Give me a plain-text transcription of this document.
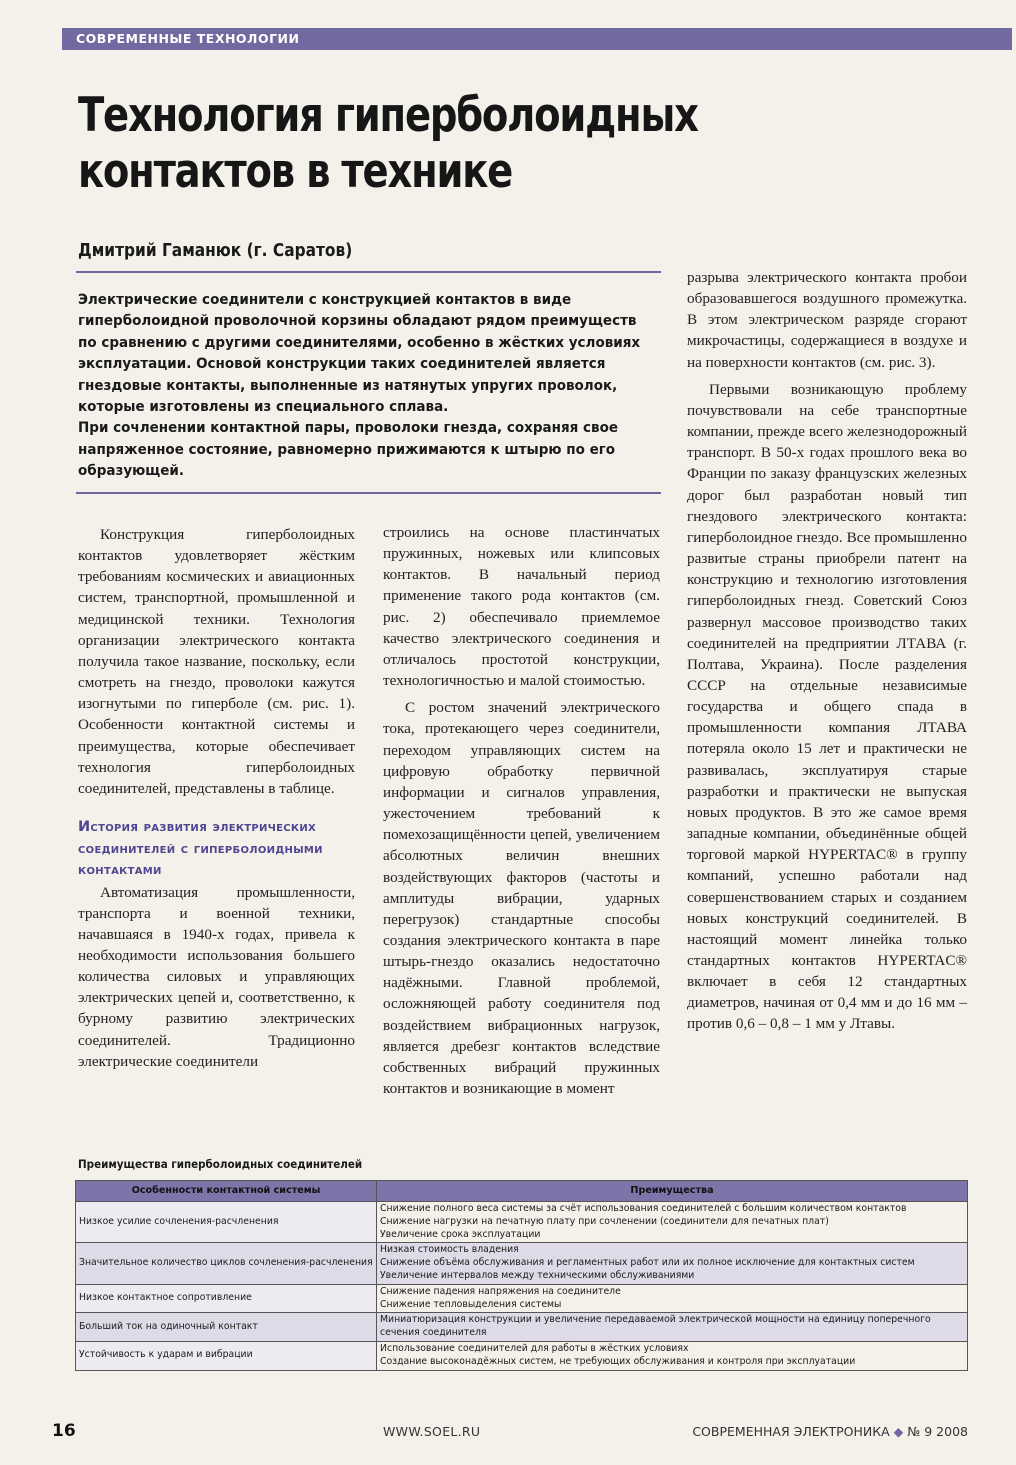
СОВРЕМЕННЫЕ ТЕХНОЛОГИИ
Технология гиперболоидных
контактов в технике
Дмитрий Гаманюк (г. Саратов)

Электрические соединители с конструкцией контактов в виде гиперболоидной проволочной корзины обладают рядом преимуществ по сравнению с другими соединителями, особенно в жёстких условиях эксплуатации. Основой конструкции таких соединителей является гнездовые контакты, выполненные из натянутых упругих проволок, которые изготовлены из специального сплава.

При сочленении контактной пары, проволоки гнезда, сохраняя свое напряженное состояние, равномерно прижимаются к штырю по его образующей.

Конструкция гиперболоидных контактов удовлетворяет жёстким требованиям космических и авиационных систем, транспортной, промышленной и медицинской техники. Технология организации электрического контакта получила такое название, поскольку, если смотреть на гнездо, проволоки кажутся изогнутыми по гиперболе (см. рис. 1). Особенности контактной системы и преимущества, которые обеспечивает технология гиперболоидных соединителей, представлены в таблице.

История развития электрических соединителей с гиперболоидными контактами

Автоматизация промышленности, транспорта и военной техники, начавшаяся в 1940-х годах, привела к необходимости использования большего количества силовых и управляющих электрических цепей и, соответственно, к бурному развитию электрических соединителей. Традиционно электрические соединители

строились на основе пластинчатых пружинных, ножевых или клипсовых контактов. В начальный период применение такого рода контактов (см. рис. 2) обеспечивало приемлемое качество электрического соединения и отличалось простотой конструкции, технологичностью и малой стоимостью.

С ростом значений электрического тока, протекающего через соединители, переходом управляющих систем на цифровую обработку первичной информации и сигналов управления, ужесточением требований к помехозащищённости цепей, увеличением абсолютных величин внешних воздействующих факторов (частоты и амплитуды вибрации, ударных перегрузок) стандартные способы создания электрического контакта в паре штырь-гнездо оказались недостаточно надёжными. Главной проблемой, осложняющей работу соединителя под воздействием вибрационных нагрузок, является дребезг контактов вследствие собственных вибраций пружинных контактов и возникающие в момент

разрыва электрического контакта пробои образовавшегося воздушного промежутка. В этом электрическом разряде сгорают микрочастицы, содержащиеся в воздухе и на поверхности контактов (см. рис. 3).

Первыми возникающую проблему почувствовали на себе транспортные компании, прежде всего железнодорожный транспорт. В 50-х годах прошлого века во Франции по заказу французских железных дорог был разработан новый тип гнездового электрического контакта: гиперболоидное гнездо. Все промышленно развитые страны приобрели патент на конструкцию и технологию изготовления гиперболоидных гнезд. Советский Союз развернул массовое производство таких соединителей на предприятии ЛТАВА (г. Полтава, Украина). После разделения СССР на отдельные независимые государства и общего спада в промышленности компания ЛТАВА потеряла около 15 лет и практически не развивалась, эксплуатируя старые разработки и практически не выпуская новых продуктов. В это же самое время западные компании, объединённые общей торговой маркой HYPERTAC® в группу компаний, успешно работали над совершенствованием старых и созданием новых конструкций соединителей. В настоящий момент линейка только стандартных контактов HYPERTAC® включает в себя 12 стандартных диаметров, начиная от 0,4 мм и до 16 мм – против 0,6 – 0,8 – 1 мм у Лтавы.

Преимущества гиперболоидных соединителей
Особенности контактной системы	Преимущества
Низкое усилие сочленения-расчленения	Снижение полного веса системы за счёт использования соединителей с большим количеством контактов
Снижение нагрузки на печатную плату при сочленении (соединители для печатных плат)
Увеличение срока эксплуатации

Значительное количество циклов сочленения-расчленения	Низкая стоимость владения
Снижение объёма обслуживания и регламентных работ или их полное исключение для контактных систем
Увеличение интервалов между техническими обслуживаниями

Низкое контактное сопротивление	Снижение падения напряжения на соединителе
Снижение тепловыделения системы

Больший ток на одиночный контакт	Миниатюризация конструкции и увеличение передаваемой электрической мощности на единицу поперечного сечения соединителя

Устойчивость к ударам и вибрации	Использование соединителей для работы в жёстких условиях
Создание высоконадёжных систем, не требующих обслуживания и контроля при эксплуатации
16	WWW.SOEL.RU	СОВРЕМЕННАЯ ЭЛЕКТРОНИКА ◆ № 9 2008
